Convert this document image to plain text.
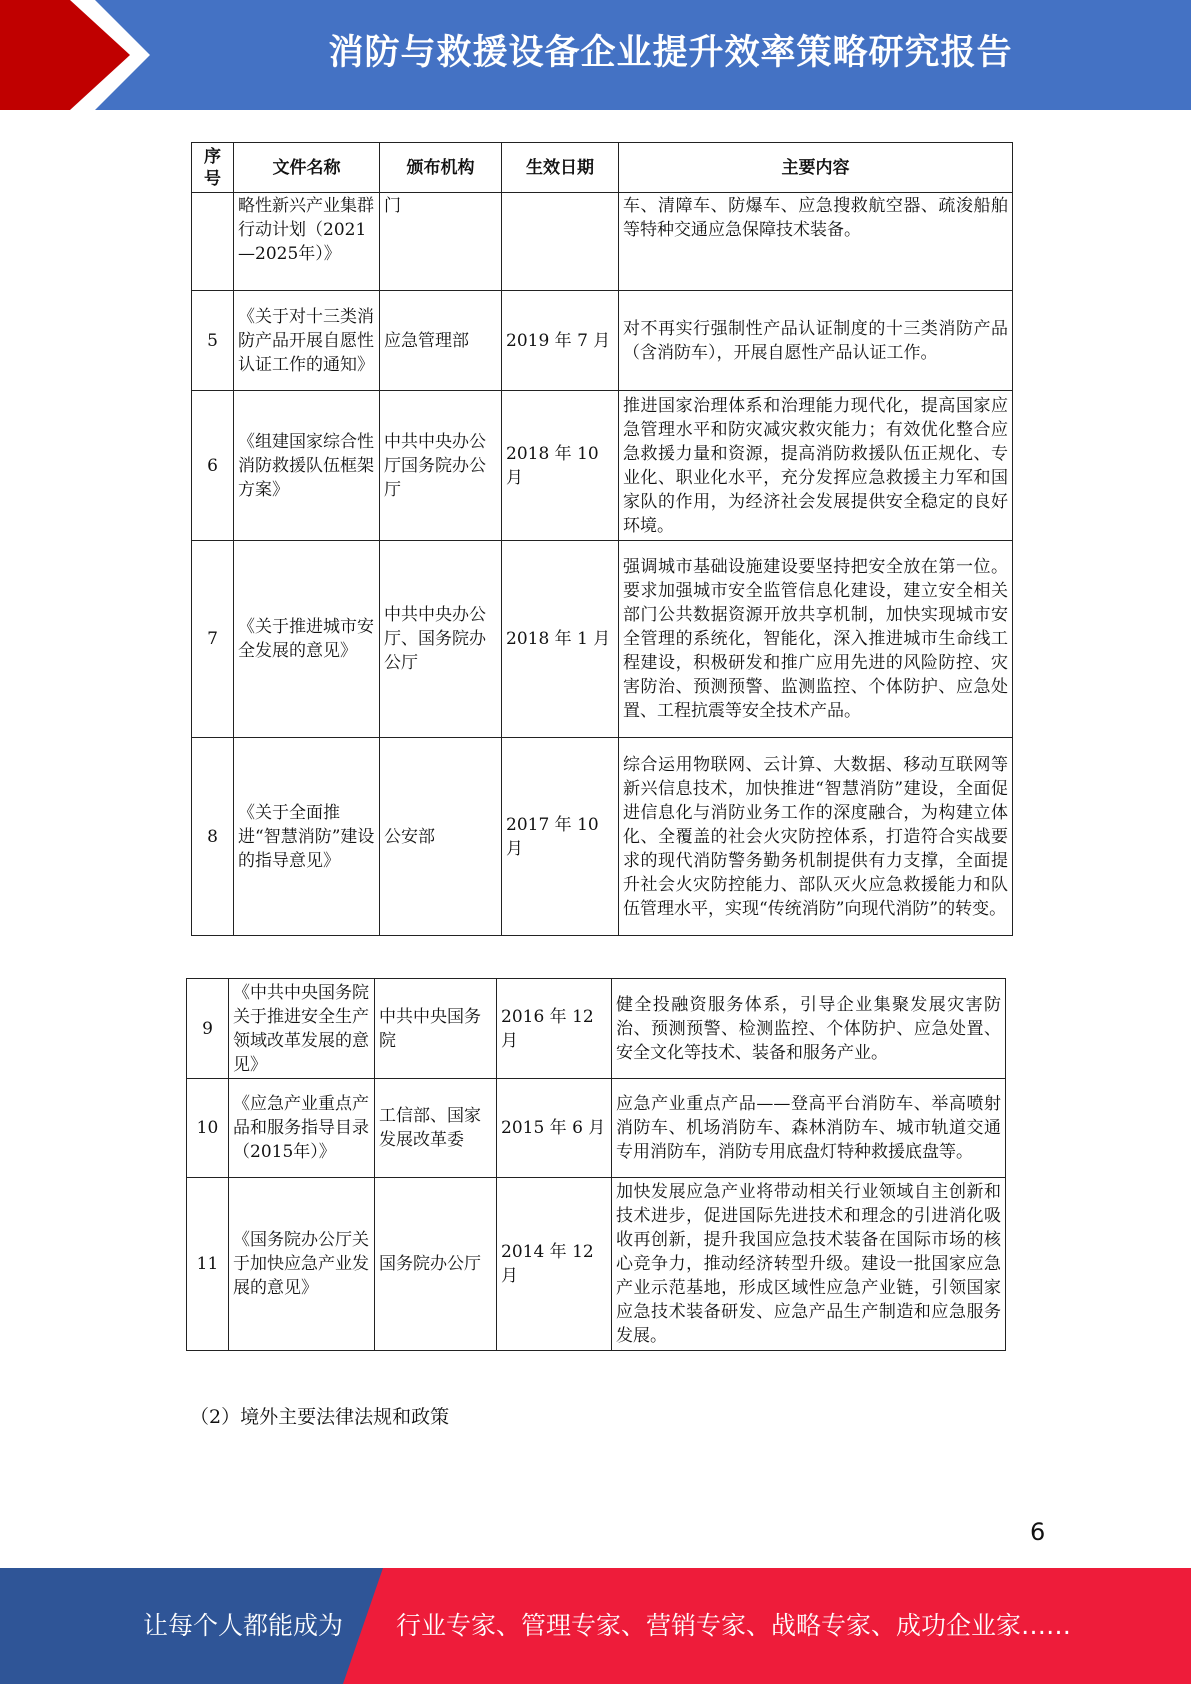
消防与救援设备企业提升效率策略研究报告
序号	文件名称	颁布机构	生效日期	主要内容
	略性新兴产业集群行动计划（2021—2025年）》	门		车、清障车、防爆车、应急搜救航空器、疏浚船舶等特种交通应急保障技术装备。
5	《关于对十三类消防产品开展自愿性认证工作的通知》	应急管理部	2019 年 7 月	对不再实行强制性产品认证制度的十三类消防产品（含消防车），开展自愿性产品认证工作。
6	《组建国家综合性消防救援队伍框架方案》	中共中央办公厅国务院办公厅	2018 年 10 月	推进国家治理体系和治理能力现代化，提高国家应急管理水平和防灾减灾救灾能力；有效优化整合应急救援力量和资源，提高消防救援队伍正规化、专业化、职业化水平，充分发挥应急救援主力军和国家队的作用，为经济社会发展提供安全稳定的良好环境。
7	《关于推进城市安全发展的意见》	中共中央办公厅、国务院办公厅	2018 年 1 月	强调城市基础设施建设要坚持把安全放在第一位。要求加强城市安全监管信息化建设，建立安全相关部门公共数据资源开放共享机制，加快实现城市安全管理的系统化，智能化，深入推进城市生命线工程建设，积极研发和推广应用先进的风险防控、灾害防治、预测预警、监测监控、个体防护、应急处置、工程抗震等安全技术产品。
8	《关于全面推进“智慧消防”建设的指导意见》	公安部	2017 年 10 月	综合运用物联网、云计算、大数据、移动互联网等新兴信息技术，加快推进“智慧消防”建设，全面促进信息化与消防业务工作的深度融合，为构建立体化、全覆盖的社会火灾防控体系，打造符合实战要求的现代消防警务勤务机制提供有力支撑，全面提升社会火灾防控能力、部队灭火应急救援能力和队伍管理水平，实现“传统消防”向现代消防”的转变。
9	《中共中央国务院关于推进安全生产领域改革发展的意见》	中共中央国务院	2016 年 12 月	健全投融资服务体系，引导企业集聚发展灾害防治、预测预警、检测监控、个体防护、应急处置、安全文化等技术、装备和服务产业。
10	《应急产业重点产品和服务指导目录（2015年）》	工信部、国家发展改革委	2015 年 6 月	应急产业重点产品——登高平台消防车、举高喷射消防车、机场消防车、森林消防车、城市轨道交通专用消防车，消防专用底盘灯特种救援底盘等。
11	《国务院办公厅关于加快应急产业发展的意见》	国务院办公厅	2014 年 12 月	加快发展应急产业将带动相关行业领域自主创新和技术进步，促进国际先进技术和理念的引进消化吸收再创新，提升我国应急技术装备在国际市场的核心竞争力，推动经济转型升级。建设一批国家应急产业示范基地，形成区域性应急产业链，引领国家应急技术装备研发、应急产品生产制造和应急服务发展。
（2）境外主要法律法规和政策
6
让每个人都能成为 行业专家、管理专家、营销专家、战略专家、成功企业家……
